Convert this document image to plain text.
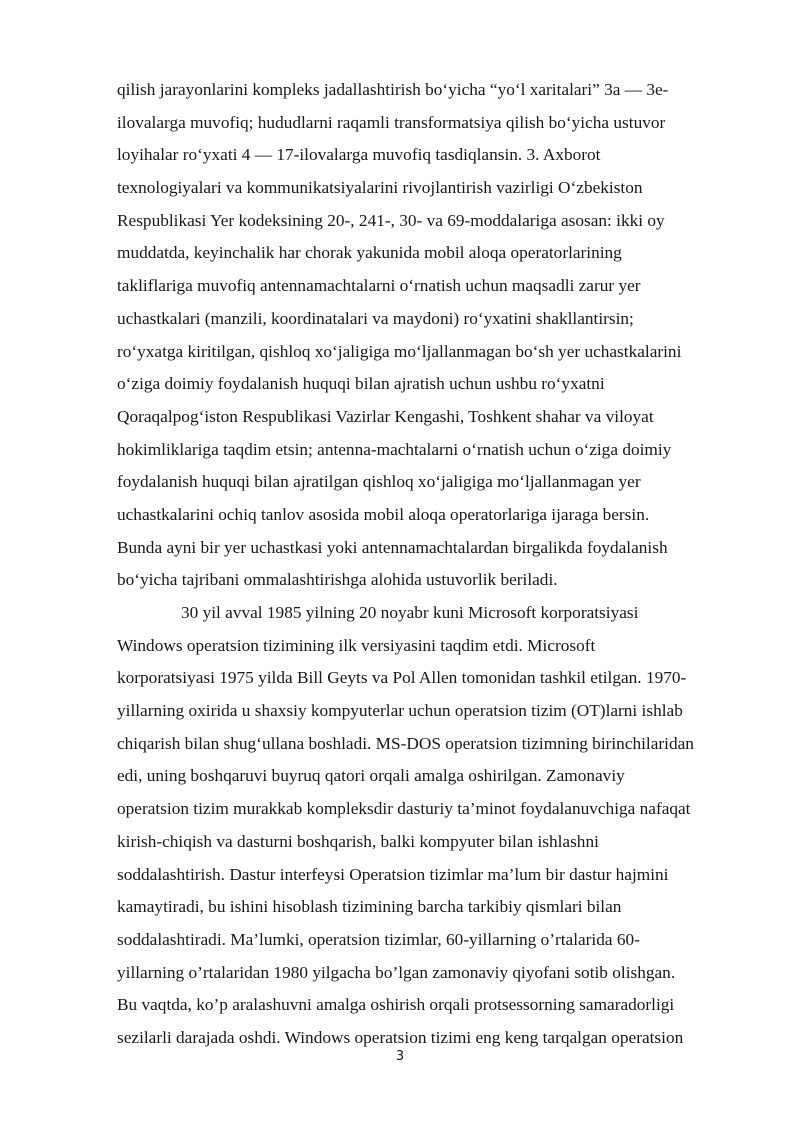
qilish jarayonlarini kompleks jadallashtirish bo‘yicha “yo‘l xaritalari” 3a — 3e-
ilovalarga muvofiq; hududlarni raqamli transformatsiya qilish bo‘yicha ustuvor
loyihalar ro‘yxati 4 — 17-ilovalarga muvofiq tasdiqlansin. 3. Axborot
texnologiyalari va kommunikatsiyalarini rivojlantirish vazirligi O‘zbekiston
Respublikasi Yer kodeksining 20-, 241-, 30- va 69-moddalariga asosan: ikki oy
muddatda, keyinchalik har chorak yakunida mobil aloqa operatorlarining
takliflariga muvofiq antennamachtalarni o‘rnatish uchun maqsadli zarur yer
uchastkalari (manzili, koordinatalari va maydoni) ro‘yxatini shakllantirsin;
ro‘yxatga kiritilgan, qishloq xo‘jaligiga mo‘ljallanmagan bo‘sh yer uchastkalarini
o‘ziga doimiy foydalanish huquqi bilan ajratish uchun ushbu ro‘yxatni
Qoraqalpog‘iston Respublikasi Vazirlar Kengashi, Toshkent shahar va viloyat
hokimliklariga taqdim etsin; antenna-machtalarni o‘rnatish uchun o‘ziga doimiy
foydalanish huquqi bilan ajratilgan qishloq xo‘jaligiga mo‘ljallanmagan yer
uchastkalarini ochiq tanlov asosida mobil aloqa operatorlariga ijaraga bersin.
Bunda ayni bir yer uchastkasi yoki antennamachtalardan birgalikda foydalanish
bo‘yicha tajribani ommalashtirishga alohida ustuvorlik beriladi.
30 yil avval 1985 yilning 20 noyabr kuni Microsoft korporatsiyasi
Windows operatsion tizimining ilk versiyasini taqdim etdi. Microsoft
korporatsiyasi 1975 yilda Bill Geyts va Pol Allen tomonidan tashkil etilgan. 1970-
yillarning oxirida u shaxsiy kompyuterlar uchun operatsion tizim (OT)larni ishlab
chiqarish bilan shug‘ullana boshladi. MS-DOS operatsion tizimning birinchilaridan
edi, uning boshqaruvi buyruq qatori orqali amalga oshirilgan. Zamonaviy
operatsion tizim murakkab kompleksdir dasturiy ta’minot foydalanuvchiga nafaqat
kirish-chiqish va dasturni boshqarish, balki kompyuter bilan ishlashni
soddalashtirish. Dastur interfeysi Operatsion tizimlar ma’lum bir dastur hajmini
kamaytiradi, bu ishini hisoblash tizimining barcha tarkibiy qismlari bilan
soddalashtiradi. Ma’lumki, operatsion tizimlar, 60-yillarning o’rtalarida 60-
yillarning o’rtalaridan 1980 yilgacha bo’lgan zamonaviy qiyofani sotib olishgan.
Bu vaqtda, ko’p aralashuvni amalga oshirish orqali protsessorning samaradorligi
sezilarli darajada oshdi. Windows operatsion tizimi eng keng tarqalgan operatsion
3
